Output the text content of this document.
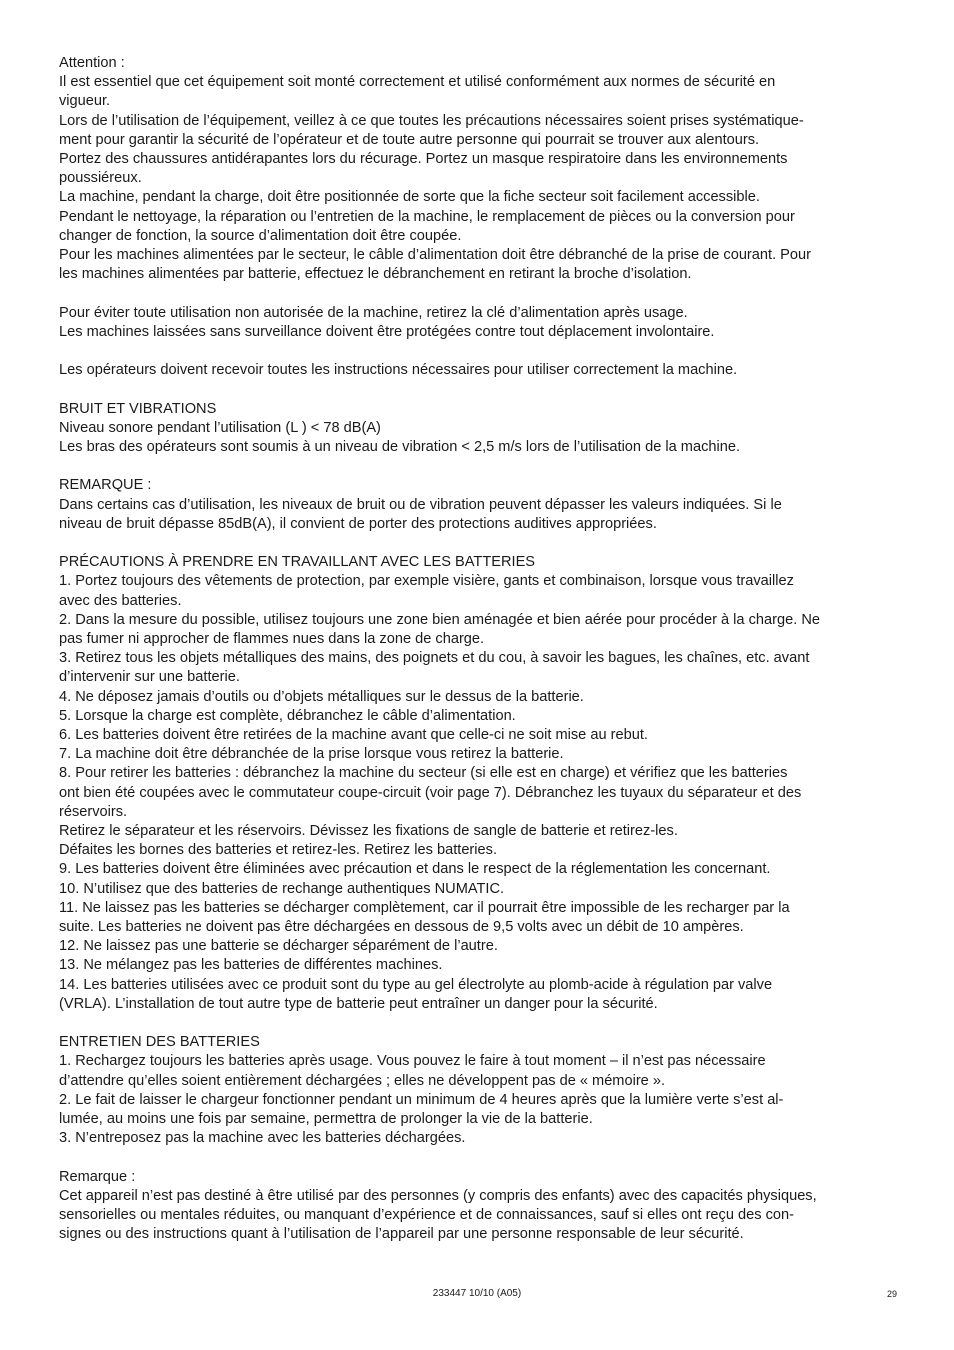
Attention :
Il est essentiel que cet équipement soit monté correctement et utilisé conformément aux normes de sécurité en
vigueur.
Lors de l’utilisation de l’équipement, veillez à ce que toutes les précautions nécessaires soient prises systématique-
ment pour garantir la sécurité de l’opérateur et de toute autre personne qui pourrait se trouver aux alentours.
Portez des chaussures antidérapantes lors du récurage. Portez un masque respiratoire dans les environnements
poussiéreux.
La machine, pendant la charge, doit être positionnée de sorte que la fiche secteur soit facilement accessible.
Pendant le nettoyage, la réparation ou l’entretien de la machine, le remplacement de pièces ou la conversion pour
changer de fonction, la source d’alimentation doit être coupée.
Pour les machines alimentées par le secteur, le câble d’alimentation doit être débranché de la prise de courant. Pour
les machines alimentées par batterie, effectuez le débranchement en retirant la broche d’isolation.
Pour éviter toute utilisation non autorisée de la machine, retirez la clé d’alimentation après usage.
Les machines laissées sans surveillance doivent être protégées contre tout déplacement involontaire.
Les opérateurs doivent recevoir toutes les instructions nécessaires pour utiliser correctement la machine.
BRUIT ET VIBRATIONS
Niveau sonore pendant l’utilisation (L ) < 78 dB(A)
Les bras des opérateurs sont soumis à un niveau de vibration < 2,5 m/s lors de l’utilisation de la machine.
REMARQUE :
Dans certains cas d’utilisation, les niveaux de bruit ou de vibration peuvent dépasser les valeurs indiquées. Si le
niveau de bruit dépasse 85dB(A), il convient de porter des protections auditives appropriées.
PRÉCAUTIONS À PRENDRE EN TRAVAILLANT AVEC LES BATTERIES
1. Portez toujours des vêtements de protection, par exemple visière, gants et combinaison, lorsque vous travaillez
avec des batteries.
2. Dans la mesure du possible, utilisez toujours une zone bien aménagée et bien aérée pour procéder à la charge. Ne
pas fumer ni approcher de flammes nues dans la zone de charge.
3. Retirez tous les objets métalliques des mains, des poignets et du cou, à savoir les bagues, les chaînes, etc. avant
d’intervenir sur une batterie.
4. Ne déposez jamais d’outils ou d’objets métalliques sur le dessus de la batterie.
5. Lorsque la charge est complète, débranchez le câble d’alimentation.
6. Les batteries doivent être retirées de la machine avant que celle-ci ne soit mise au rebut.
7. La machine doit être débranchée de la prise lorsque vous retirez la batterie.
8. Pour retirer les batteries : débranchez la machine du secteur (si elle est en charge) et vérifiez que les batteries
ont bien été coupées avec le commutateur coupe-circuit (voir page 7). Débranchez les tuyaux du séparateur et des
réservoirs.
Retirez le séparateur et les réservoirs. Dévissez les fixations de sangle de batterie et retirez-les.
Défaites les bornes des batteries et retirez-les. Retirez les batteries.
9. Les batteries doivent être éliminées avec précaution et dans le respect de la réglementation les concernant.
10. N’utilisez que des batteries de rechange authentiques NUMATIC.
11. Ne laissez pas les batteries se décharger complètement, car il pourrait être impossible de les recharger par la
suite. Les batteries ne doivent pas être déchargées en dessous de 9,5 volts avec un débit de 10 ampères.
12. Ne laissez pas une batterie se décharger séparément de l’autre.
13. Ne mélangez pas les batteries de différentes machines.
14. Les batteries utilisées avec ce produit sont du type au gel électrolyte au plomb-acide à régulation par valve
(VRLA). L’installation de tout autre type de batterie peut entraîner un danger pour la sécurité.
ENTRETIEN DES BATTERIES
1. Rechargez toujours les batteries après usage. Vous pouvez le faire à tout moment – il n’est pas nécessaire
d’attendre qu’elles soient entièrement déchargées ; elles ne développent pas de « mémoire ».
2. Le fait de laisser le chargeur fonctionner pendant un minimum de 4 heures après que la lumière verte s’est al-
lumée, au moins une fois par semaine, permettra de prolonger la vie de la batterie.
3. N’entreposez pas la machine avec les batteries déchargées.
Remarque :
Cet appareil n’est pas destiné à être utilisé par des personnes (y compris des enfants) avec des capacités physiques,
sensorielles ou mentales réduites, ou manquant d’expérience et de connaissances, sauf si elles ont reçu des con-
signes ou des instructions quant à l’utilisation de l’appareil par une personne responsable de leur sécurité.
233447 10/10 (A05)	29
